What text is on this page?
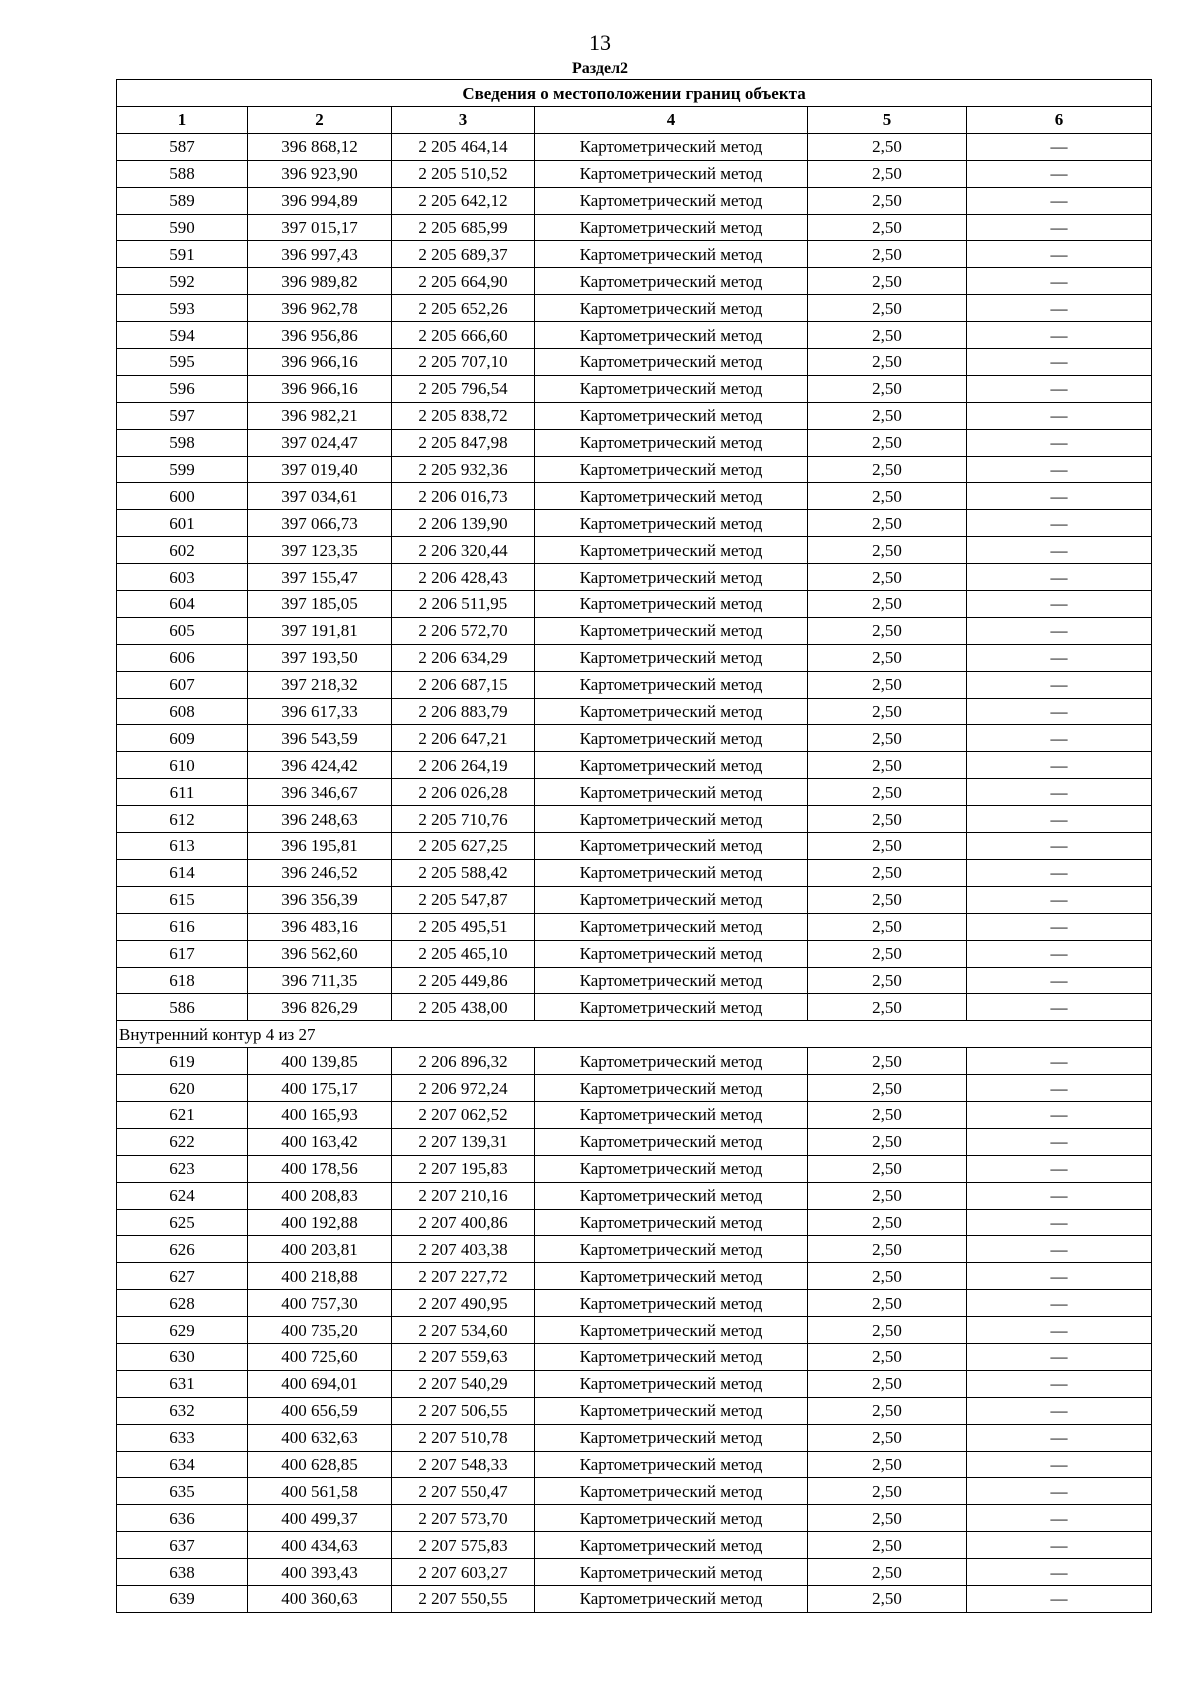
13
Раздел2
Сведения о местоположении границ объекта					
1	2	3	4	5	6
587	396 868,12	2 205 464,14	Картометрический метод	2,50	—
588	396 923,90	2 205 510,52	Картометрический метод	2,50	—
589	396 994,89	2 205 642,12	Картометрический метод	2,50	—
590	397 015,17	2 205 685,99	Картометрический метод	2,50	—
591	396 997,43	2 205 689,37	Картометрический метод	2,50	—
592	396 989,82	2 205 664,90	Картометрический метод	2,50	—
593	396 962,78	2 205 652,26	Картометрический метод	2,50	—
594	396 956,86	2 205 666,60	Картометрический метод	2,50	—
595	396 966,16	2 205 707,10	Картометрический метод	2,50	—
596	396 966,16	2 205 796,54	Картометрический метод	2,50	—
597	396 982,21	2 205 838,72	Картометрический метод	2,50	—
598	397 024,47	2 205 847,98	Картометрический метод	2,50	—
599	397 019,40	2 205 932,36	Картометрический метод	2,50	—
600	397 034,61	2 206 016,73	Картометрический метод	2,50	—
601	397 066,73	2 206 139,90	Картометрический метод	2,50	—
602	397 123,35	2 206 320,44	Картометрический метод	2,50	—
603	397 155,47	2 206 428,43	Картометрический метод	2,50	—
604	397 185,05	2 206 511,95	Картометрический метод	2,50	—
605	397 191,81	2 206 572,70	Картометрический метод	2,50	—
606	397 193,50	2 206 634,29	Картометрический метод	2,50	—
607	397 218,32	2 206 687,15	Картометрический метод	2,50	—
608	396 617,33	2 206 883,79	Картометрический метод	2,50	—
609	396 543,59	2 206 647,21	Картометрический метод	2,50	—
610	396 424,42	2 206 264,19	Картометрический метод	2,50	—
611	396 346,67	2 206 026,28	Картометрический метод	2,50	—
612	396 248,63	2 205 710,76	Картометрический метод	2,50	—
613	396 195,81	2 205 627,25	Картометрический метод	2,50	—
614	396 246,52	2 205 588,42	Картометрический метод	2,50	—
615	396 356,39	2 205 547,87	Картометрический метод	2,50	—
616	396 483,16	2 205 495,51	Картометрический метод	2,50	—
617	396 562,60	2 205 465,10	Картометрический метод	2,50	—
618	396 711,35	2 205 449,86	Картометрический метод	2,50	—
586	396 826,29	2 205 438,00	Картометрический метод	2,50	—
Внутренний контур 4 из 27					
619	400 139,85	2 206 896,32	Картометрический метод	2,50	—
620	400 175,17	2 206 972,24	Картометрический метод	2,50	—
621	400 165,93	2 207 062,52	Картометрический метод	2,50	—
622	400 163,42	2 207 139,31	Картометрический метод	2,50	—
623	400 178,56	2 207 195,83	Картометрический метод	2,50	—
624	400 208,83	2 207 210,16	Картометрический метод	2,50	—
625	400 192,88	2 207 400,86	Картометрический метод	2,50	—
626	400 203,81	2 207 403,38	Картометрический метод	2,50	—
627	400 218,88	2 207 227,72	Картометрический метод	2,50	—
628	400 757,30	2 207 490,95	Картометрический метод	2,50	—
629	400 735,20	2 207 534,60	Картометрический метод	2,50	—
630	400 725,60	2 207 559,63	Картометрический метод	2,50	—
631	400 694,01	2 207 540,29	Картометрический метод	2,50	—
632	400 656,59	2 207 506,55	Картометрический метод	2,50	—
633	400 632,63	2 207 510,78	Картометрический метод	2,50	—
634	400 628,85	2 207 548,33	Картометрический метод	2,50	—
635	400 561,58	2 207 550,47	Картометрический метод	2,50	—
636	400 499,37	2 207 573,70	Картометрический метод	2,50	—
637	400 434,63	2 207 575,83	Картометрический метод	2,50	—
638	400 393,43	2 207 603,27	Картометрический метод	2,50	—
639	400 360,63	2 207 550,55	Картометрический метод	2,50	—
